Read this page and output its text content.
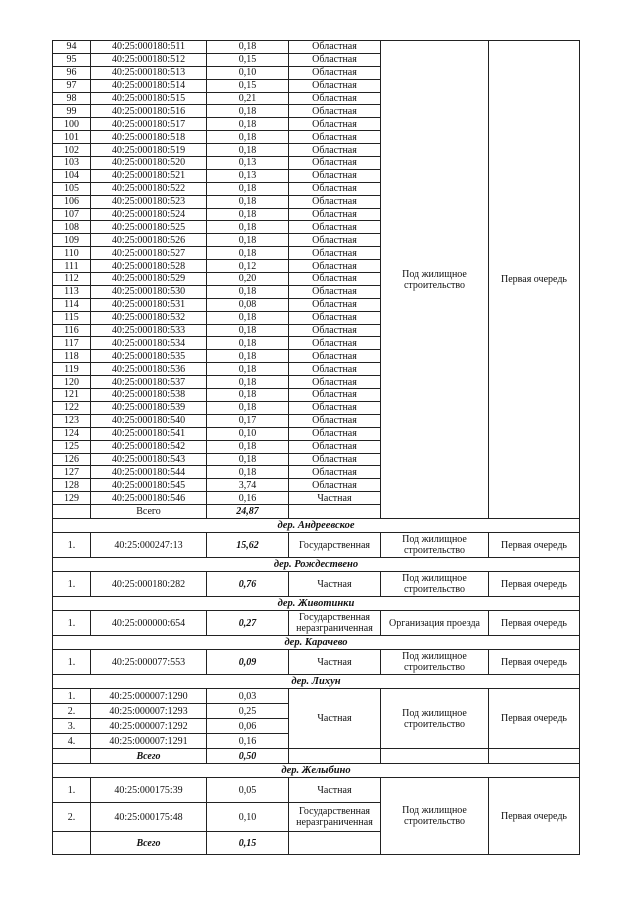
94	40:25:000180:511	0,18	Областная	Под жилищное строительство	Первая очередь
95	40:25:000180:512	0,15	Областная		
96	40:25:000180:513	0,10	Областная		
97	40:25:000180:514	0,15	Областная		
98	40:25:000180:515	0,21	Областная		
99	40:25:000180:516	0,18	Областная		
100	40:25:000180:517	0,18	Областная		
101	40:25:000180:518	0,18	Областная		
102	40:25:000180:519	0,18	Областная		
103	40:25:000180:520	0,13	Областная		
104	40:25:000180:521	0,13	Областная		
105	40:25:000180:522	0,18	Областная		
106	40:25:000180:523	0,18	Областная		
107	40:25:000180:524	0,18	Областная		
108	40:25:000180:525	0,18	Областная		
109	40:25:000180:526	0,18	Областная		
110	40:25:000180:527	0,18	Областная		
111	40:25:000180:528	0,12	Областная		
112	40:25:000180:529	0,20	Областная		
113	40:25:000180:530	0,18	Областная		
114	40:25:000180:531	0,08	Областная		
115	40:25:000180:532	0,18	Областная		
116	40:25:000180:533	0,18	Областная		
117	40:25:000180:534	0,18	Областная		
118	40:25:000180:535	0,18	Областная		
119	40:25:000180:536	0,18	Областная		
120	40:25:000180:537	0,18	Областная		
121	40:25:000180:538	0,18	Областная		
122	40:25:000180:539	0,18	Областная		
123	40:25:000180:540	0,17	Областная		
124	40:25:000180:541	0,10	Областная		
125	40:25:000180:542	0,18	Областная		
126	40:25:000180:543	0,18	Областная		
127	40:25:000180:544	0,18	Областная		
128	40:25:000180:545	3,74	Областная		
129	40:25:000180:546	0,16	Частная		
	Всего	24,87			
дер. Андреевское					
1.	40:25:000247:13	15,62	Государственная	Под жилищное строительство	Первая очередь
дер. Рождествено					
1.	40:25:000180:282	0,76	Частная	Под жилищное строительство	Первая очередь
дер. Животинки					
1.	40:25:000000:654	0,27	Государственная неразграниченная	Организация проезда	Первая очередь
дер. Карачево					
1.	40:25:000077:553	0,09	Частная	Под жилищное строительство	Первая очередь
дер. Лихун					
1.	40:25:000007:1290	0,03	Частная	Под жилищное строительство	Первая очередь
2.	40:25:000007:1293	0,25			
3.	40:25:000007:1292	0,06			
4.	40:25:000007:1291	0,16			
	Всего	0,50			
дер. Желыбино					
1.	40:25:000175:39	0,05	Частная	Под жилищное строительство	Первая очередь
2.	40:25:000175:48	0,10	Государственная неразграниченная		
	Всего	0,15			
